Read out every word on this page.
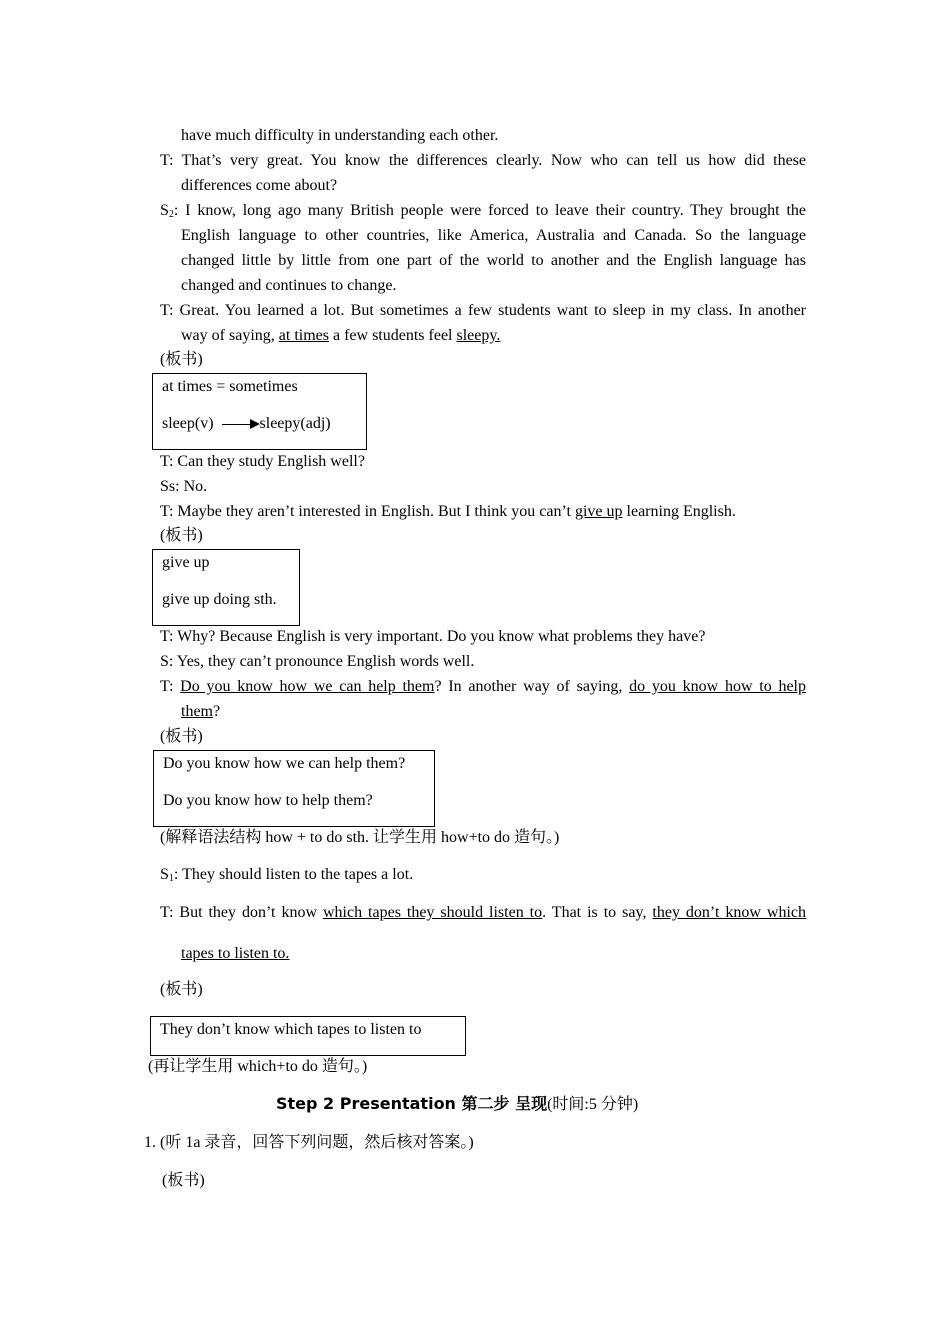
have much difficulty in understanding each other.
T: That’s very great. You know the differences clearly. Now who can tell us how did these
differences come about?
$S_2$: I know, long ago many British people were forced to leave their country. They brought the
English language to other countries, like America, Australia and Canada. So the language
changed little by little from one part of the world to another and the English language has
changed and continues to change.
T: Great. You learned a lot. But sometimes a few students want to sleep in my class. In another
way of saying, at times a few students feel sleepy.
(板书)
at times = sometimes
sleep(v)	sleepy(adj)
T: Can they study English well?
Ss: No.
T: Maybe they aren’t interested in English. But I think you can’t give up learning English.
(板书)
give up
give up doing sth.
T: Why? Because English is very important. Do you know what problems they have?
S: Yes, they can’t pronounce English words well.
T: Do you know how we can help them? In another way of saying, do you know how to help
them?
(板书)
Do you know how we can help them?
Do you know how to help them?
(解释语法结构 how + to do sth. 让学生用 how+to do 造句。)
$S_1$: They should listen to the tapes a lot.
T: But they don’t know which tapes they should listen to. That is to say, they don’t know which
tapes to listen to.
(板书)
They don’t know which tapes to listen to
(再让学生用 which+to do 造句。)
Step 2 Presentation 第二步 呈现(时间:5 分钟)
1. (听 1a 录音，回答下列问题，然后核对答案。)
(板书)
